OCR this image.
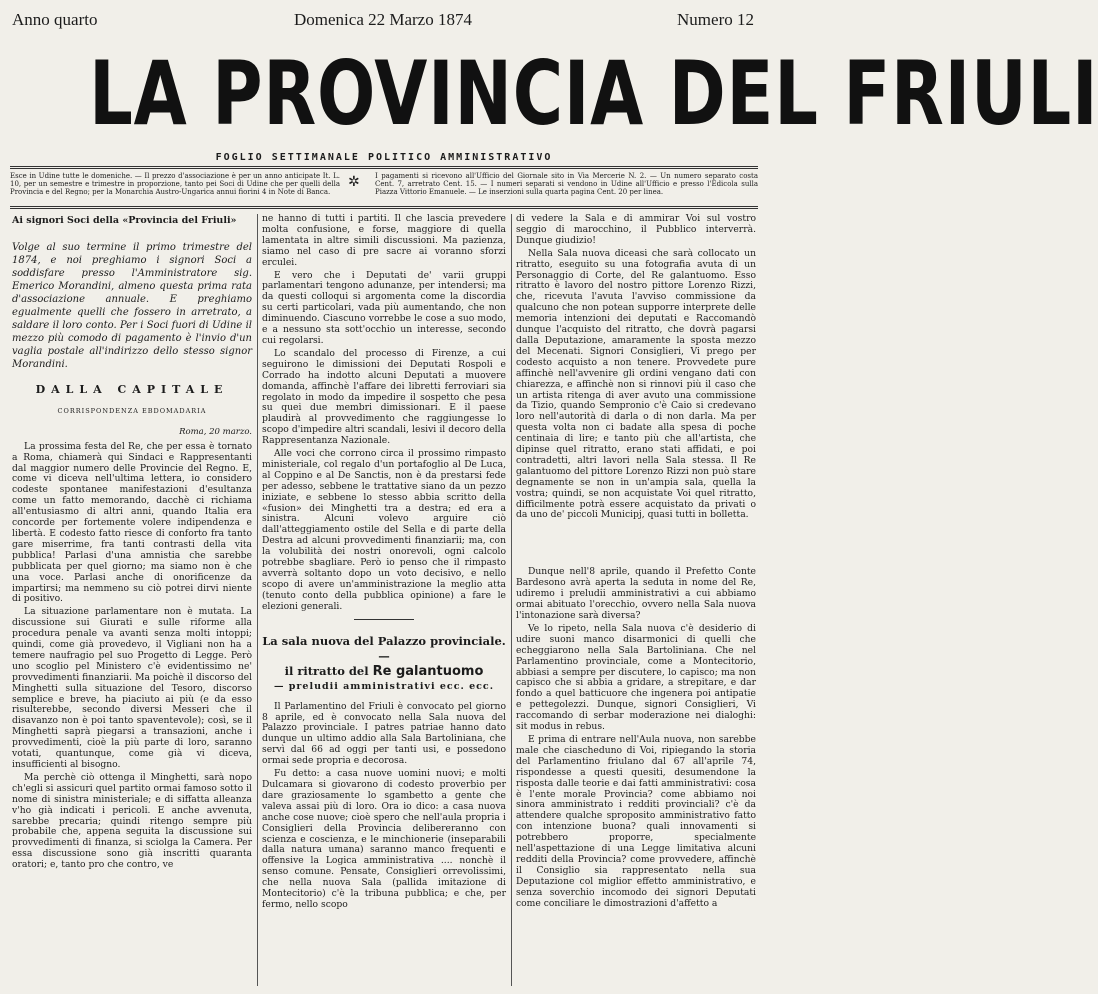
Anno quarto	Domenica 22 Marzo 1874	Numero 12
LA PROVINCIA DEL FRIULI
FOGLIO SETTIMANALE POLITICO AMMINISTRATIVO
Esce in Udine tutte le domeniche. — Il prezzo d'associazione è per un anno anticipate It. L. 10, per un semestre e trimestre in proporzione, tanto pei Soci di Udine che per quelli della Provincia e del Regno; per la Monarchia Austro-Ungarica annui fiorini 4 in Note di Banca.
✲ I pagamenti si ricevono all'Ufficio del Giornale sito in Via Mercerie N. 2. — Un numero separato costa Cent. 7, arretrato Cent. 15. — I numeri separati si vendono in Udine all'Ufficio e presso l'Edicola sulla Piazza Vittorio Emanuele. — Le inserzioni sulla quarta pagina Cent. 20 per linea.
Ai signori Soci della «Provincia del Friuli»
Volge al suo termine il primo trimestre del 1874, e noi preghiamo i signori Soci a soddisfare presso l'Amministratore sig. Emerico Morandini, almeno questa prima rata d'associazione annuale. E preghiamo egualmente quelli che fossero in arretrato, a saldare il loro conto. Per i Soci fuori di Udine il mezzo più comodo di pagamento è l'invio d'un vaglia postale all'indirizzo dello stesso signor Morandini.
DALLA CAPITALE
CORRISPONDENZA EBDOMADARIA
Roma, 20 marzo.

La prossima festa del Re, che per essa è tornato a Roma, chiamerà qui Sindaci e Rappresentanti dal maggior numero delle Provincie del Regno. E, come vi diceva nell'ultima lettera, io considero codeste spontanee manifestazioni d'esultanza come un fatto memorando, dacchè ci richiama all'entusiasmo di altri anni, quando Italia era concorde per fortemente volere indipendenza e libertà. E codesto fatto riesce di conforto fra tanto gare miserrime, fra tanti contrasti della vita pubblica! Parlasi d'una amnistia che sarebbe pubblicata per quel giorno; ma siamo non è che una voce. Parlasi anche di onorificenze da impartirsi; ma nemmeno su ciò potrei dirvi niente di positivo.

La situazione parlamentare non è mutata. La discussione sui Giurati e sulle riforme alla procedura penale va avanti senza molti intoppi; quindi, come già provedevo, il Vigliani non ha a temere naufragio pel suo Progetto di Legge. Però uno scoglio pel Ministero c'è evidentissimo ne' provvedimenti finanziarii. Ma poichè il discorso del Minghetti sulla situazione del Tesoro, discorso semplice e breve, ha piaciuto ai più (e da esso risulterebbe, secondo diversi Messeri che il disavanzo non è poi tanto spaventevole); così, se il Minghetti saprà piegarsi a transazioni, anche i provvedimenti, cioè la più parte di loro, saranno votati, quantunque, come già vi diceva, insufficienti al bisogno.

Ma perchè ciò ottenga il Minghetti, sarà nopo ch'egli si assicuri quel partito ormai famoso sotto il nome di sinistra ministeriale; e di siffatta alleanza v'ho già indicati i pericoli. E anche avvenuta, sarebbe precaria; quindi ritengo sempre più probabile che, appena seguita la discussione sui provvedimenti di finanza, si sciolga la Camera. Per essa discussione sono già inscritti quaranta oratori; e, tanto pro che contro, ve

ne hanno di tutti i partiti. Il che lascia prevedere molta confusione, e forse, maggiore di quella lamentata in altre simili discussioni. Ma pazienza, siamo nel caso di pre sacre ai voranno sforzi erculei.

E vero che i Deputati de' varii gruppi parlamentari tengono adunanze, per intendersi; ma da questi colloqui si argomenta come la discordia su certi particolari, vada più aumentando, che non diminuendo. Ciascuno vorrebbe le cose a suo modo, e a nessuno sta sott'occhio un interesse, secondo cui regolarsi.

Lo scandalo del processo di Firenze, a cui seguirono le dimissioni dei Deputati Rospoli e Corrado ha indotto alcuni Deputati a muovere domanda, affinchè l'affare dei libretti ferroviari sia regolato in modo da impedire il sospetto che pesa su quei due membri dimissionari. E il paese plaudirà al provvedimento che raggiungesse lo scopo d'impedire altri scandali, lesivi il decoro della Rappresentanza Nazionale.

Alle voci che corrono circa il prossimo rimpasto ministeriale, col regalo d'un portafoglio al De Luca, al Coppino e al De Sanctis, non è da prestarsi fede per adesso, sebbene le trattative siano da un pezzo iniziate, e sebbene lo stesso abbia scritto della «fusion» dei Minghetti tra a destra; ed era a sinistra. Alcuni volevo arguire ciò dall'atteggiamento ostile del Sella e di parte della Destra ad alcuni provvedimenti finanziarii; ma, con la volubilità dei nostri onorevoli, ogni calcolo potrebbe sbagliare. Però io penso che il rimpasto avverrà soltanto dopo un voto decisivo, e nello scopo di avere un'amministrazione la meglio atta (tenuto conto della pubblica opinione) a fare le elezioni generali.

La sala nuova del Palazzo provinciale. —
il ritratto del Re galantuomo
— preludii amministrativi ecc. ecc.

Il Parlamentino del Friuli è convocato pel giorno 8 aprile, ed è convocato nella Sala nuova del Palazzo provinciale. I patres patriae hanno dato dunque un ultimo addio alla Sala Bartoliniana, che servì dal 66 ad oggi per tanti usi, e possedono ormai sede propria e decorosa.

Fu detto: a casa nuove uomini nuovi; e molti Dulcamara si giovarono di codesto proverbio per dare graziosamente lo sgambetto a gente che valeva assai più di loro. Ora io dico: a casa nuova anche cose nuove; cioè spero che nell'aula propria i Consiglieri della Provincia delibereranno con scienza e coscienza, e le minchionerie (inseparabili dalla natura umana) saranno manco frequenti e offensive la Logica amministrativa .... nonchè il senso comune. Pensate, Consiglieri orrevolissimi, che nella nuova Sala (pallida imitazione di Montecitorio) c'è la tribuna pubblica; e che, per fermo, nello scopo

di vedere la Sala e di ammirar Voi sul vostro seggio di marocchino, il Pubblico interverrà. Dunque giudizio!

Nella Sala nuova diceasi che sarà collocato un ritratto, eseguito su una fotografia avuta di un Personaggio di Corte, del Re galantuomo. Esso ritratto è lavoro del nostro pittore Lorenzo Rizzi, che, ricevuta l'avuta l'avviso commissione da qualcuno che non potean supporre interprete delle memoria intenzioni dei deputati e Raccomandò dunque l'acquisto del ritratto, che dovrà pagarsi dalla Deputazione, amaramente la sposta mezzo del Mecenati. Signori Consiglieri, Vi prego per codesto acquisto a non tenere. Provvedete pure affinchè nell'avvenire gli ordini vengano dati con chiarezza, e affinchè non si rinnovi più il caso che un artista ritenga di aver avuto una commissione da Tizio, quando Sempronio c'è Caio si credevano loro nell'autorità di darla o di non darla. Ma per questa volta non ci badate alla spesa di poche centinaia di lire; e tanto più che all'artista, che dipinse quel ritratto, erano stati affidati, e poi contradetti, altri lavori nella Sala stessa. Il Re galantuomo del pittore Lorenzo Rizzi non può stare degnamente se non in un'ampia sala, quella la vostra; quindi, se non acquistate Voi quel ritratto, difficilmente potrà essere acquistato da privati o da uno de' piccoli Municipj, quasi tutti in bolletta.

Dunque nell'8 aprile, quando il Prefetto Conte Bardesono avrà aperta la seduta in nome del Re, udiremo i preludii amministrativi a cui abbiamo ormai abituato l'orecchio, ovvero nella Sala nuova l'intonazione sarà diversa?

Ve lo ripeto, nella Sala nuova c'è desiderio di udire suoni manco disarmonici di quelli che echeggiarono nella Sala Bartoliniana. Che nel Parlamentino provinciale, come a Montecitorio, abbiasi a sempre per discutere, lo capisco; ma non capisco che si abbia a gridare, a strepitare, e dar fondo a quel batticuore che ingenera poi antipatie e pettegolezzi. Dunque, signori Consiglieri, Vi raccomando di serbar moderazione nei dialoghi: sit modus in rebus.

E prima di entrare nell'Aula nuova, non sarebbe male che ciascheduno di Voi, ripiegando la storia del Parlamentino friulano dal 67 all'aprile 74, rispondesse a questi quesiti, desumendone la risposta dalle teorie e dai fatti amministrativi: cosa è l'ente morale Provincia? come abbiamo noi sinora amministrato i redditi provinciali? c'è da attendere qualche sproposito amministrativo fatto con intenzione buona? quali innovamenti si potrebbero proporre, specialmente nell'aspettazione di una Legge limitativa alcuni redditi della Provincia? come provvedere, affinchè il Consiglio sia rappresentato nella sua Deputazione col miglior effetto amministrativo, e senza soverchio incomodo dei signori Deputati come conciliare le dimostrazioni d'affetto a
